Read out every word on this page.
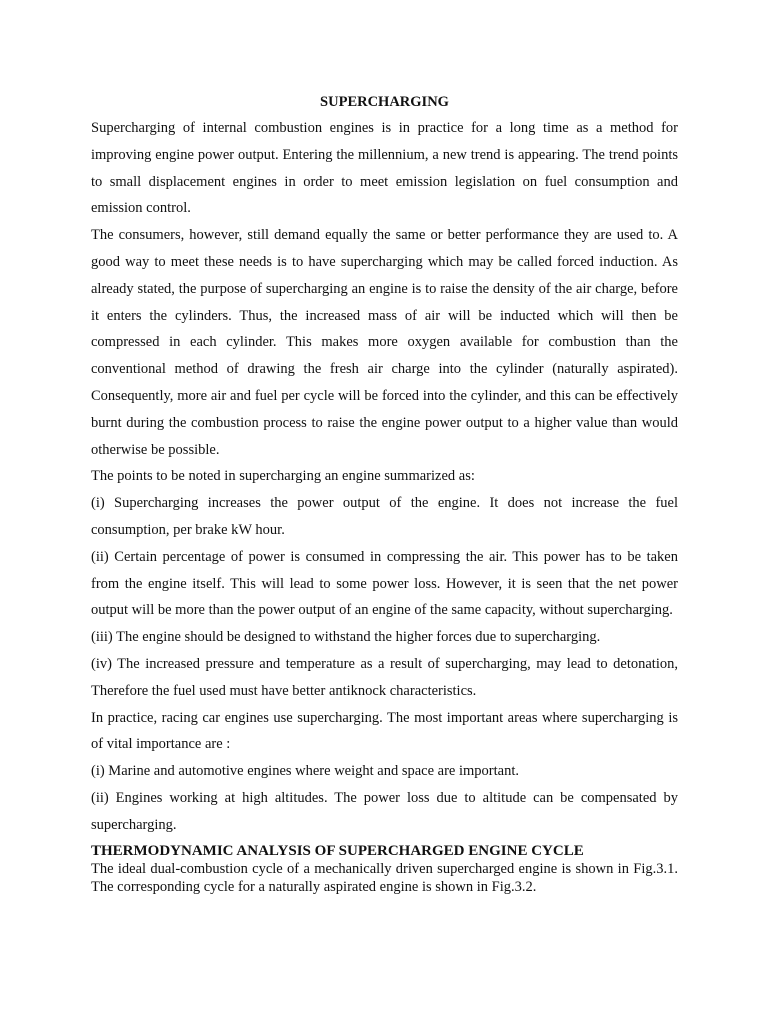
SUPERCHARGING

Supercharging of internal combustion engines is in practice for a long time as a method for improving engine power output. Entering the millennium, a new trend is appearing. The trend points to small displacement engines in order to meet emission legislation on fuel consumption and emission control.

The consumers, however, still demand equally the same or better performance they are used to. A good way to meet these needs is to have supercharging which may be called forced induction. As already stated, the purpose of supercharging an engine is to raise the density of the air charge, before it enters the cylinders. Thus, the increased mass of air will be inducted which will then be compressed in each cylinder. This makes more oxygen available for combustion than the conventional method of drawing the fresh air charge into the cylinder (naturally aspirated). Consequently, more air and fuel per cycle will be forced into the cylinder, and this can be effectively burnt during the combustion process to raise the engine power output to a higher value than would otherwise be possible.

The points to be noted in supercharging an engine summarized as:

(i) Supercharging increases the power output of the engine. It does not increase the fuel consumption, per brake kW hour.

(ii) Certain percentage of power is consumed in compressing the air. This power has to be taken from the engine itself. This will lead to some power loss. However, it is seen that the net power output will be more than the power output of an engine of the same capacity, without supercharging.

(iii) The engine should be designed to withstand the higher forces due to supercharging.

(iv) The increased pressure and temperature as a result of supercharging, may lead to detonation, Therefore the fuel used must have better antiknock characteristics.

In practice, racing car engines use supercharging. The most important areas where supercharging is of vital importance are :

(i) Marine and automotive engines where weight and space are important.

(ii) Engines working at high altitudes. The power loss due to altitude can be compensated by supercharging.

THERMODYNAMIC ANALYSIS OF SUPERCHARGED ENGINE CYCLE

The ideal dual-combustion cycle of a mechanically driven supercharged engine is shown in Fig.3.1. The corresponding cycle for a naturally aspirated engine is shown in Fig.3.2.
